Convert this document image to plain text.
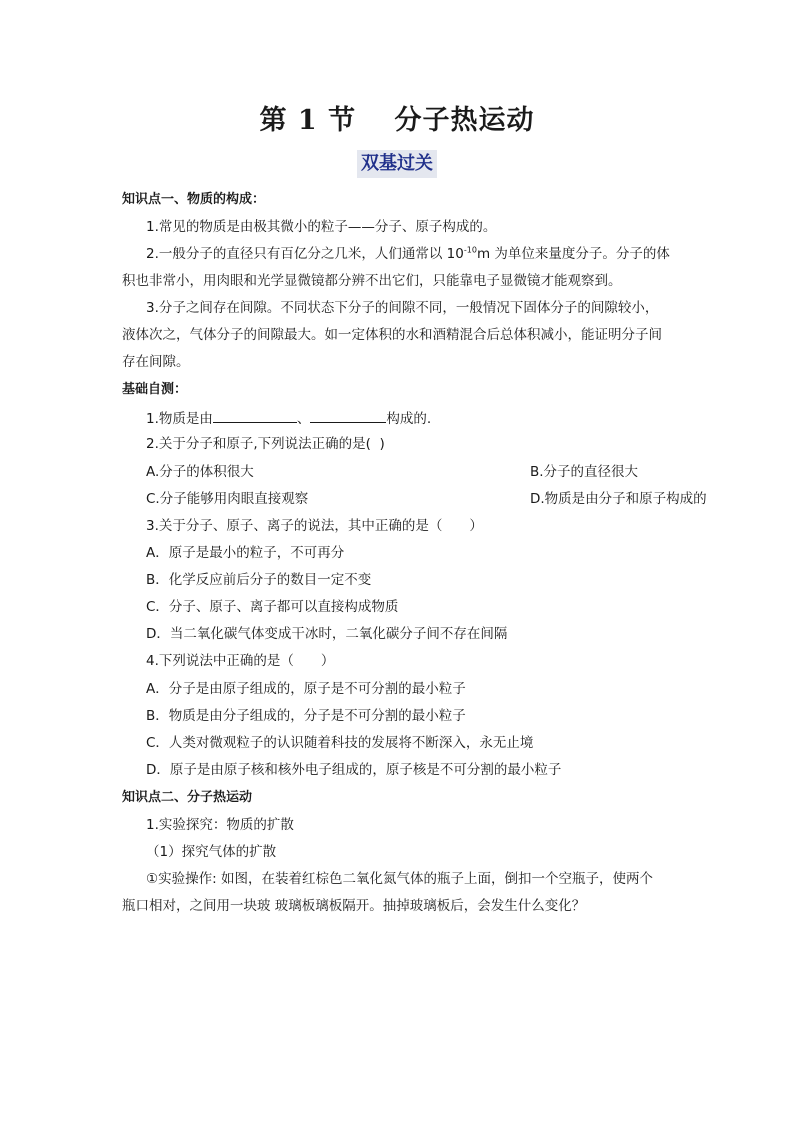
第 1 节　 分子热运动
双基过关
知识点一、物质的构成：
1.常见的物质是由极其微小的粒子——分子、原子构成的。
2.一般分子的直径只有百亿分之几米，人们通常以 $10^{-10}m$ 为单位来量度分子。分子的体
积也非常小，用肉眼和光学显微镜都分辨不出它们，只能靠电子显微镜才能观察到。
3.分子之间存在间隙。不同状态下分子的间隙不同，一般情况下固体分子的间隙较小，
液体次之，气体分子的间隙最大。如一定体积的水和酒精混合后总体积减小，能证明分子间
存在间隙。
基础自测：
1.物质是由	、	构成的.
2.关于分子和原子,下列说法正确的是(  )
A.分子的体积很大	B.分子的直径很大
C.分子能够用肉眼直接观察	D.物质是由分子和原子构成的
3.关于分子、原子、离子的说法，其中正确的是（　　）
A．原子是最小的粒子，不可再分
B．化学反应前后分子的数目一定不变
C．分子、原子、离子都可以直接构成物质
D．当二氧化碳气体变成干冰时，二氧化碳分子间不存在间隔
4.下列说法中正确的是（　　）
A．分子是由原子组成的，原子是不可分割的最小粒子
B．物质是由分子组成的，分子是不可分割的最小粒子
C．人类对微观粒子的认识随着科技的发展将不断深入，永无止境
D．原子是由原子核和核外电子组成的，原子核是不可分割的最小粒子
知识点二、分子热运动
1.实验探究：物质的扩散
（1）探究气体的扩散
①实验操作: 如图，在装着红棕色二氧化氮气体的瓶子上面，倒扣一个空瓶子，使两个
瓶口相对，之间用一块玻 玻璃板璃板隔开。抽掉玻璃板后，会发生什么变化？
